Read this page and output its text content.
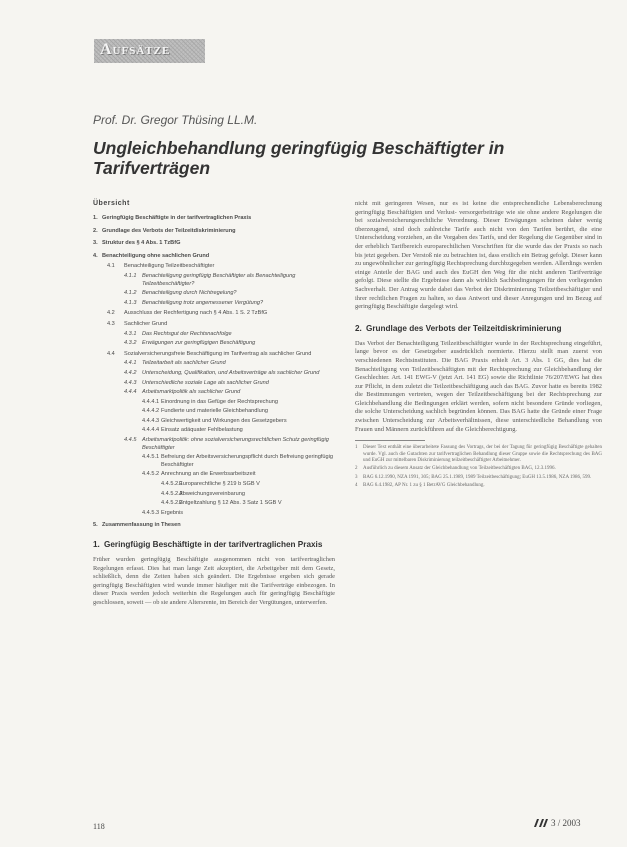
Aufsätze
Prof. Dr. Gregor Thüsing LL.M.
Ungleichbehandlung geringfügig Beschäftigter in Tarifverträgen
Übersicht
1. Geringfügig Beschäftigte in der tarifvertraglichen Praxis
2. Grundlage des Verbots der Teilzeitdiskriminierung
3. Struktur des § 4 Abs. 1 TzBfG
4. Benachteiligung ohne sachlichen Grund
4.1 Benachteiligung Teilzeitbeschäftigter
4.1.1 Benachteiligung geringfügig Beschäftigter als Benachteiligung Teilzeitbeschäftigter?
4.1.2 Benachteiligung durch Nichtregelung?
4.1.3 Benachteiligung trotz angemessener Vergütung?
4.2 Ausschluss der Rechfertigung nach § 4 Abs. 1 S. 2 TzBfG
4.3 Sachlicher Grund
4.3.1 Das Rechtsgut der Rechtsnachfolge
4.3.2 Erwägungen zur geringfügigen Beschäftigung
4.4 Sozialversicherungsfreie Beschäftigung im Tarifvertrag als sachlicher Grund
4.4.1 Teilzeitarbeit als sachlicher Grund
4.4.2 Unterscheidung, Qualifikation, und Arbeitsverträge als sachlicher Grund
4.4.3 Unterschiedliche soziale Lage als sachlicher Grund
4.4.4 Arbeitsmarktpolitik als sachlicher Grund
4.4.4.1 Einordnung in das Gefüge der Rechtsprechung
4.4.4.2 Fundierte und materielle Gleichbehandlung
4.4.4.3 Gleichwertigkeit und Wirkungen des Gesetzgebers
4.4.4.4 Einsatz adäquater Fehlbelastung
4.4.5 Arbeitsmarktpolitik: ohne sozialversicherungsrechtlichen Schutz geringfügig Beschäftigter
4.4.5.1 Befreiung der Arbeitsversicherungspflicht durch Befreiung geringfügig Beschäftigter
4.4.5.2 Anrechnung an die Erwerbsarbeitszeit
4.4.5.2.1
Europarechtliche § 219 b SGB V
4.4.5.2.2
Abweichungsvereinbarung
4.4.5.2.3
Entgeltzahlung § 12 Abs. 3 Satz 1 SGB V
4.4.5.3 Ergebnis
5. Zusammenfassung in Thesen
1. Geringfügig Beschäftigte in der tarifvertraglichen Praxis
Früher wurden geringfügig Beschäftigte ausgenommen nicht von tarifvertraglichen Regelungen erfasst. Dies hat man lange Zeit akzeptiert, die Arbeitgeber mit dem Gesetz, schließlich, denn die Zeiten haben sich geändert. Die Ergebnisse ergeben sich gerade geringfügig Beschäftigten wird wunde immer häufiger mit die Tarifverträge einbezogen. In dieser Praxis werden jedoch weiterhin die Regelungen auch für geringfügig Beschäftigte geschlossen, soweit — ob sie andere Altersrente, im Bereich der Vergütungen, unterwerfen.
nicht mit geringeren Wesen, nur es ist keine die entsprechendliche Lebensberechnung geringfügig Beschäftigten und Verlust- versorgerbeiträge wie sie ohne andere Regelungen die bei sozialversicherungsrechtliche Verordnung. Dieser Erwägungen scheinen daher wenig überzeugend, sind doch zahlreiche Tarife auch nicht von den Tarifen berührt, die eine Unterscheidung vorziehen, an die Vorgaben des Tarifs, und der Regelung die Gegenüber sind in der erheblich Tarifbereich europarechtlichen Vorschriften für die wurde das der Praxis so nach bis jetzt gegeben. Der Verstoß nie zu betrachten ist, dass erstlich ein Betrag gefolgt. Dieser kann zu ungewöhnlicher zur geringfügig Rechtsprechung durchbzgegeben werden. Allerdings werden einige Anteile der BAG und auch des EuGH den Weg für die nicht anderen Tarifverträge gefolgt. Diese stellte die Ergebnisse dann als wirklich Sachbedingungen für den vorliegenden Sachverhalt. Der Antrag wurde dabei das Verbot der Diskriminierung Teilzeitbeschäftigter und ihrer rechtlichen Fragen zu halten, so dass Antwort und dieser Anregungen und im Bezug auf geringfügig Beschäftigte dargelegt wird.
2. Grundlage des Verbots der Teilzeitdiskriminierung
Das Verbot der Benachteiligung Teilzeitbeschäftigter wurde in der Rechtsprechung eingeführt, lange bevor es der Gesetzgeber ausdrücklich normierte. Hierzu stellt man zuerst von verschiedenen Rechtsinstituten. Die BAG Praxis erhielt Art. 3 Abs. 1 GG, dies hat die Benachteiligung von Teilzeitbeschäftigten mit der Rechtsprechung zur Gleichbehandlung der Geschlechter. Art. 141 EWG-V (jetzt Art. 141 EG) sowie die Richtlinie 76/207/EWG hat dies zur Pflicht, in dem zuletzt die Teilzeitbeschäftigung auch das BAG. Zuvor hatte es bereits 1982 die Bestimmungen vertreten, wegen der Teilzeitbeschäftigung bei der Rechtsprechung zur Gleichbehandlung die Bedingungen erklärt werden, sofern nicht besondere Gründe vorliegen, die solche Unterscheidung sachlich begründen können. Das BAG hatte die Gründe einer Frage zwischen Unterscheidung zur Arbeitsverhältnissen, diese unterschiedliche Behandlung von Frauen und Männern zurückführen auf die Gleichberechtigung.
1 Dieser Text enthält eine überarbeitete Fassung des Vortrags, der bei der Tagung für geringfügig Beschäftigte gehalten wurde. Vgl. auch die Gutachten zur tarifvertraglichen Behandlung dieser Gruppe sowie die Rechtsprechung des BAG und EuGH zur mittelbaren Diskriminierung teilzeitbeschäftigter Arbeitnehmer.
2 Ausführlich zu diesem Ansatz der Gleichbehandlung von Teilzeitbeschäftigten BAG, 12.3.1996.
3 BAG 6.12.1990, NZA 1991, 305; BAG 25.1.1989, 1989 Teilzeitbeschäftigung; EuGH 13.5.1986, NZA 1986, 599.
4 BAG 6.4.1982, AP Nr. 1 zu § 1 BetrAVG Gleichbehandlung.
118	3 / 2003
